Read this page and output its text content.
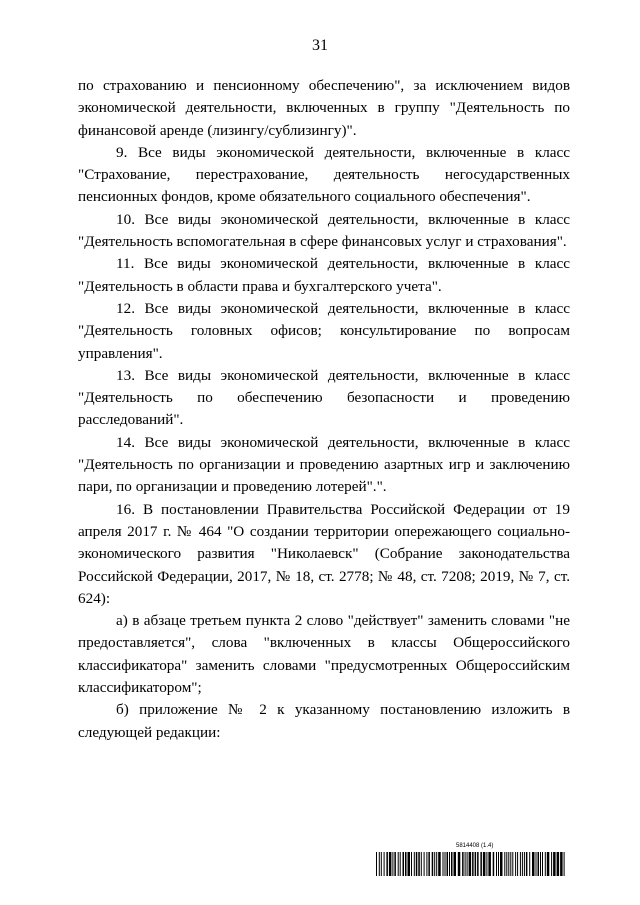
31

по страхованию и пенсионному обеспечению", за исключением видов экономической деятельности, включенных в группу "Деятельность по финансовой аренде (лизингу/сублизингу)".

9. Все виды экономической деятельности, включенные в класс "Страхование, перестрахование, деятельность негосударственных пенсионных фондов, кроме обязательного социального обеспечения".

10. Все виды экономической деятельности, включенные в класс "Деятельность вспомогательная в сфере финансовых услуг и страхования".

11. Все виды экономической деятельности, включенные в класс "Деятельность в области права и бухгалтерского учета".

12. Все виды экономической деятельности, включенные в класс "Деятельность головных офисов; консультирование по вопросам управления".

13. Все виды экономической деятельности, включенные в класс "Деятельность по обеспечению безопасности и проведению расследований".

14. Все виды экономической деятельности, включенные в класс "Деятельность по организации и проведению азартных игр и заключению пари, по организации и проведению лотерей".".

16. В постановлении Правительства Российской Федерации от 19 апреля 2017 г. № 464 "О создании территории опережающего социально-экономического развития "Николаевск" (Собрание законодательства Российской Федерации, 2017, № 18, ст. 2778; № 48, ст. 7208; 2019, № 7, ст. 624):

а) в абзаце третьем пункта 2 слово "действует" заменить словами "не предоставляется", слова "включенных в классы Общероссийского классификатора" заменить словами "предусмотренных Общероссийским классификатором";

б) приложение № 2 к указанному постановлению изложить в следующей редакции:

5814408 (1.4)
